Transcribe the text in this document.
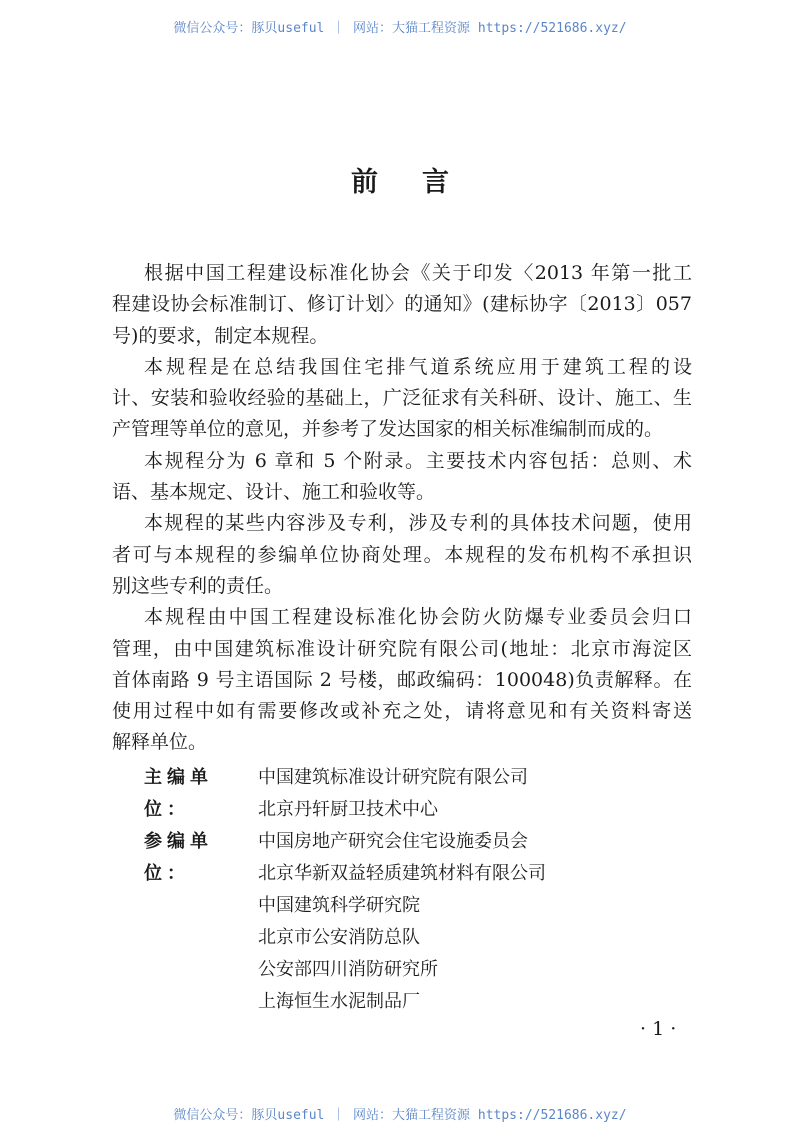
微信公众号：豚贝useful ｜ 网站：大猫工程资源 https://521686.xyz/
前言
根据中国工程建设标准化协会《关于印发〈2013 年第一批工
程建设协会标准制订、修订计划〉的通知》(建标协字〔2013〕057
号)的要求，制定本规程。
本规程是在总结我国住宅排气道系统应用于建筑工程的设
计、安装和验收经验的基础上，广泛征求有关科研、设计、施工、生
产管理等单位的意见，并参考了发达国家的相关标准编制而成的。
本规程分为 6 章和 5 个附录。主要技术内容包括：总则、术
语、基本规定、设计、施工和验收等。
本规程的某些内容涉及专利，涉及专利的具体技术问题，使用
者可与本规程的参编单位协商处理。本规程的发布机构不承担识
别这些专利的责任。
本规程由中国工程建设标准化协会防火防爆专业委员会归口
管理，由中国建筑标准设计研究院有限公司(地址：北京市海淀区
首体南路 9 号主语国际 2 号楼，邮政编码：100048)负责解释。在
使用过程中如有需要修改或补充之处，请将意见和有关资料寄送
解释单位。
主编单位：
中国建筑标准设计研究院有限公司
北京丹轩厨卫技术中心
参编单位：
中国房地产研究会住宅设施委员会
北京华新双益轻质建筑材料有限公司
中国建筑科学研究院
北京市公安消防总队
公安部四川消防研究所
上海恒生水泥制品厂
· 1 ·
微信公众号：豚贝useful ｜ 网站：大猫工程资源 https://521686.xyz/
